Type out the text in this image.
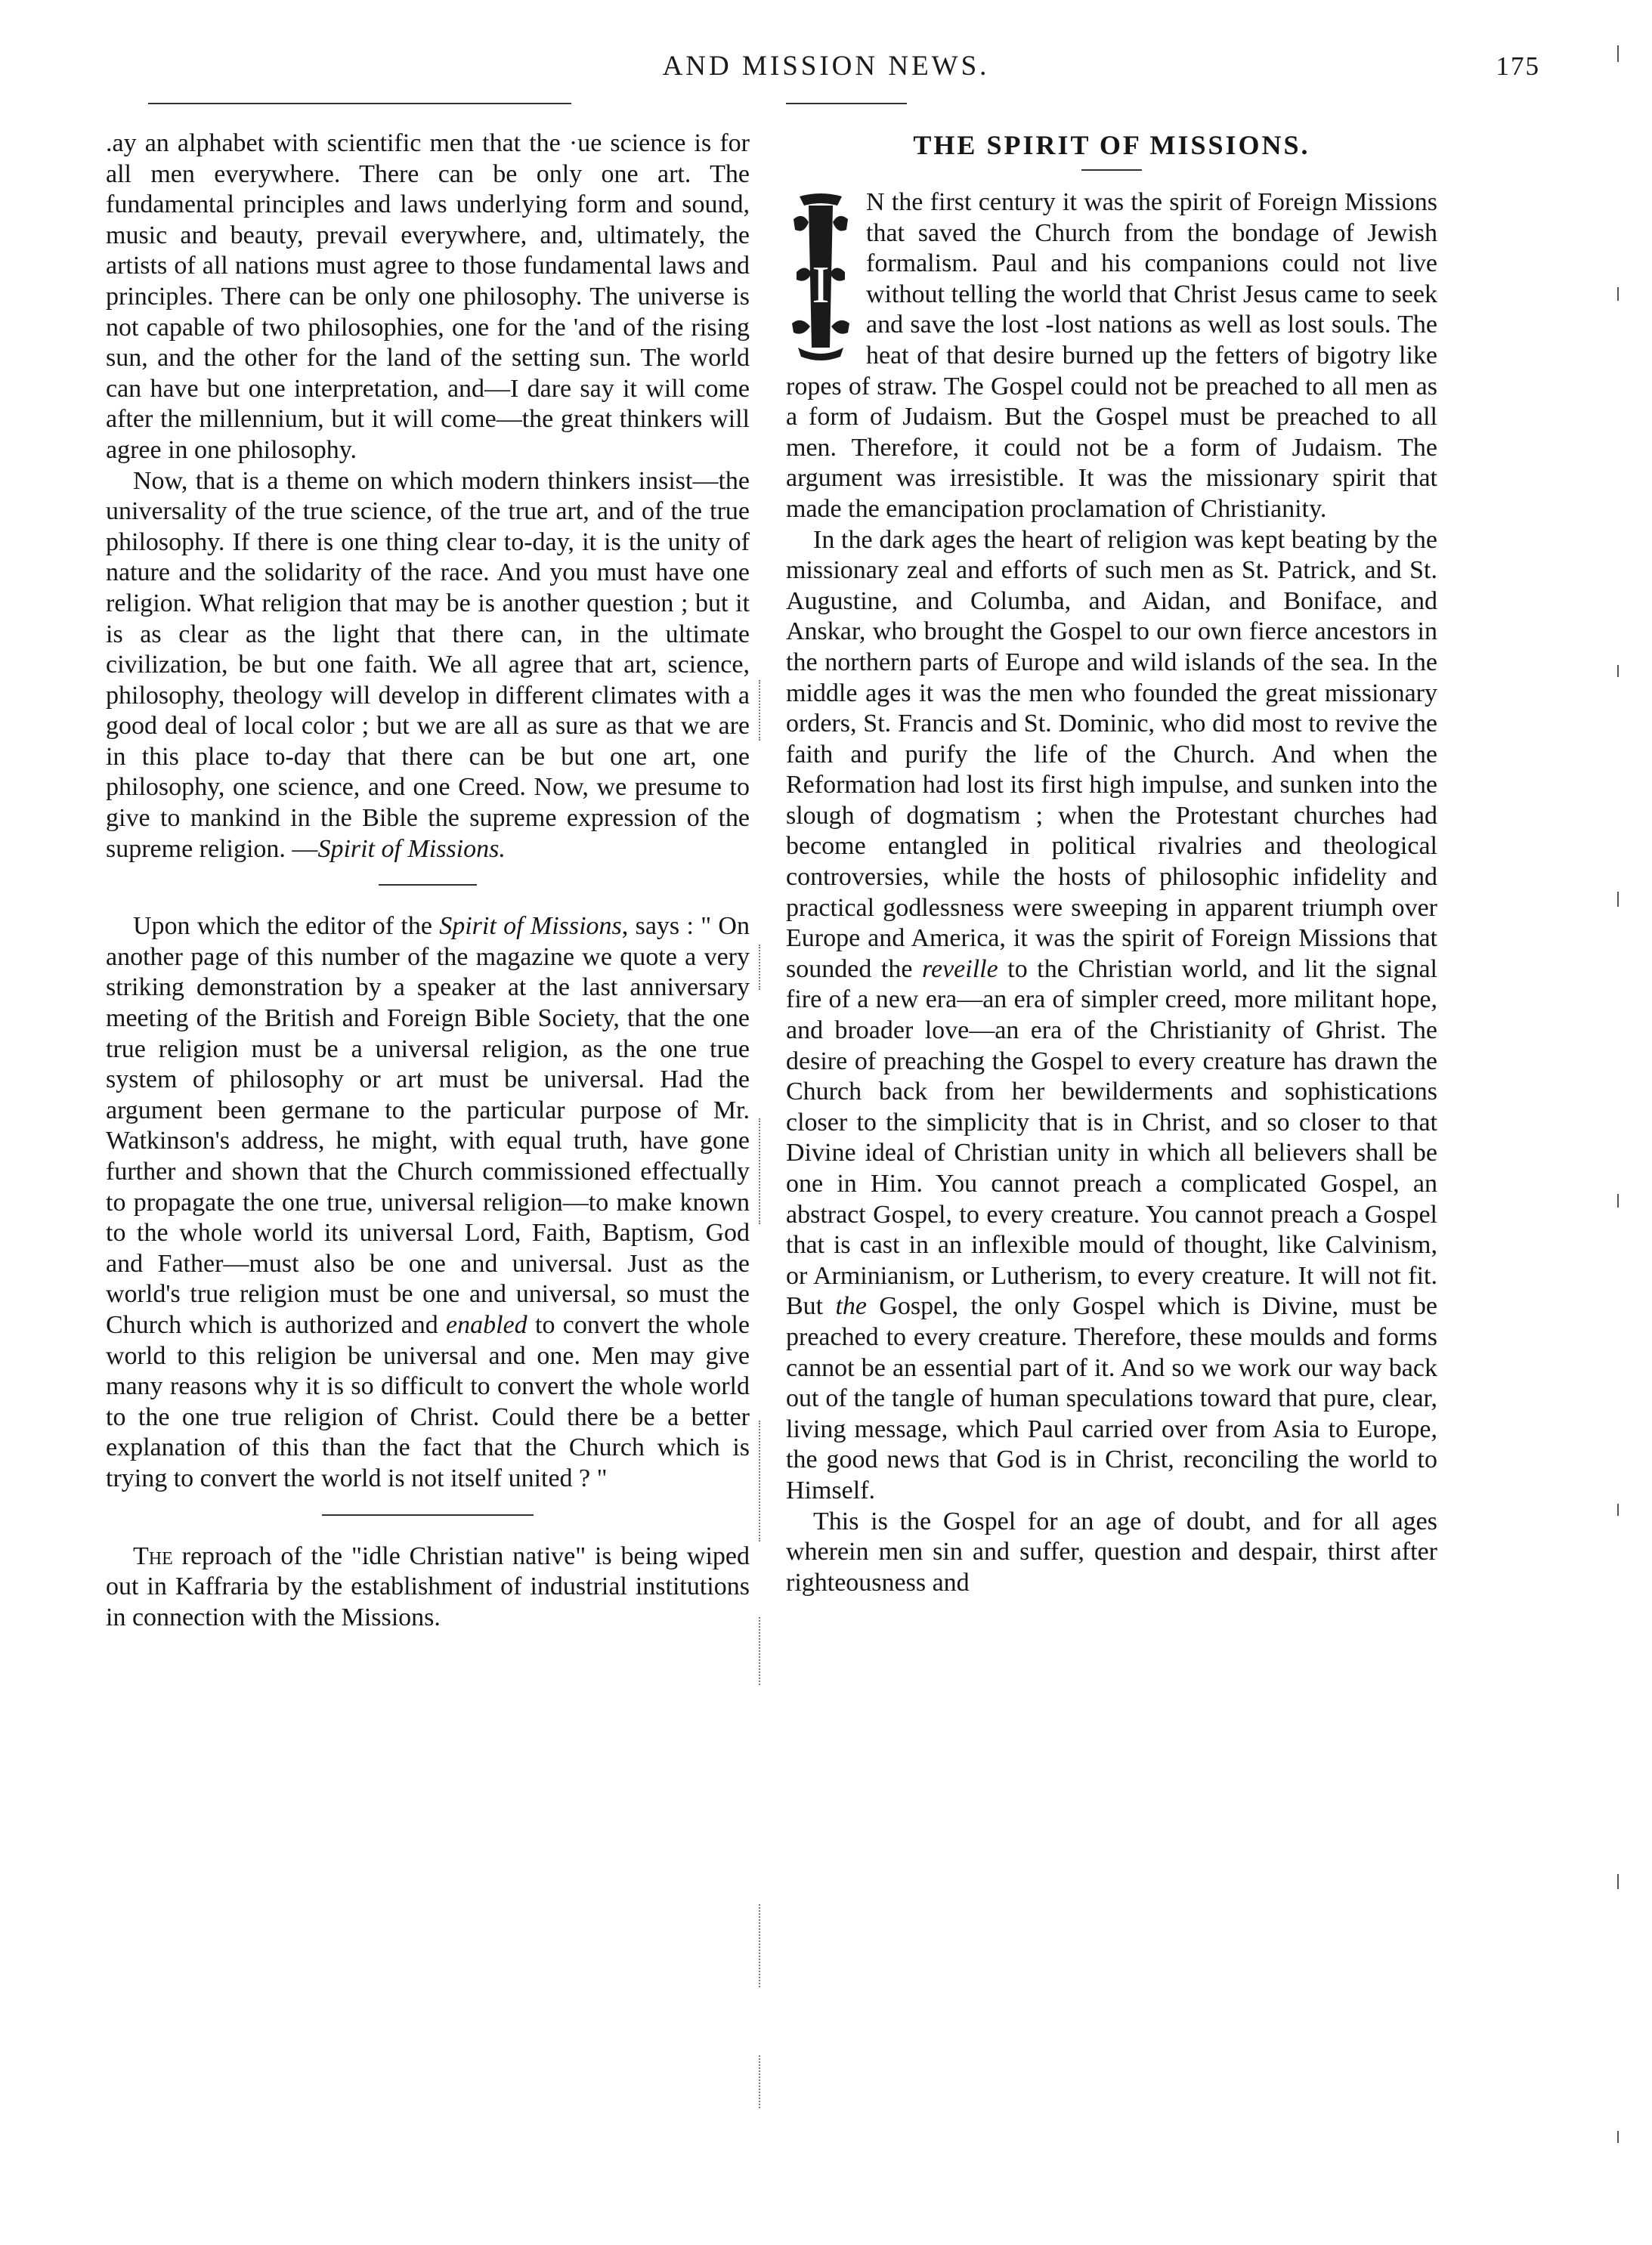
AND MISSION NEWS.	175

.ay an alphabet with scientific men that the ·ue science is for all men everywhere. There can be only one art. The fundamental principles and laws underlying form and sound, music and beauty, prevail everywhere, and, ultimately, the artists of all nations must agree to those fundamental laws and principles. There can be only one philosophy. The universe is not capable of two philosophies, one for the 'and of the rising sun, and the other for the land of the setting sun. The world can have but one interpretation, and—I dare say it will come after the millennium, but it will come—the great thinkers will agree in one philosophy.

Now, that is a theme on which modern thinkers insist—the universality of the true science, of the true art, and of the true philosophy. If there is one thing clear to-day, it is the unity of nature and the solidarity of the race. And you must have one religion. What religion that may be is another question ; but it is as clear as the light that there can, in the ultimate civilization, be but one faith. We all agree that art, science, philosophy, theology will develop in different climates with a good deal of local color ; but we are all as sure as that we are in this place to-day that there can be but one art, one philosophy, one science, and one Creed. Now, we presume to give to mankind in the Bible the supreme expression of the supreme religion. —Spirit of Missions.

Upon which the editor of the Spirit of Missions, says : " On another page of this number of the magazine we quote a very striking demonstration by a speaker at the last anniversary meeting of the British and Foreign Bible Society, that the one true religion must be a universal religion, as the one true system of philosophy or art must be universal. Had the argument been germane to the particular purpose of Mr. Watkinson's address, he might, with equal truth, have gone further and shown that the Church commissioned effectually to propagate the one true, universal religion—to make known to the whole world its universal Lord, Faith, Baptism, God and Father—must also be one and universal. Just as the world's true religion must be one and universal, so must the Church which is authorized and enabled to convert the whole world to this religion be universal and one. Men may give many reasons why it is so difficult to convert the whole world to the one true religion of Christ. Could there be a better explanation of this than the fact that the Church which is trying to convert the world is not itself united ? "

The reproach of the "idle Christian native" is being wiped out in Kaffraria by the establishment of industrial institutions in connection with the Missions.

THE SPIRIT OF MISSIONS.

I
N the first century it was the spirit of Foreign Missions that saved the Church from the bondage of Jewish formalism. Paul and his companions could not live without telling the world that Christ Jesus came to seek and save the lost -lost nations as well as lost souls. The heat of that desire burned up the fetters of bigotry like ropes of straw. The Gospel could not be preached to all men as a form of Judaism. But the Gospel must be preached to all men. Therefore, it could not be a form of Judaism. The argument was irresistible. It was the missionary spirit that made the emancipation proclamation of Christianity.

In the dark ages the heart of religion was kept beating by the missionary zeal and efforts of such men as St. Patrick, and St. Augustine, and Columba, and Aidan, and Boniface, and Anskar, who brought the Gospel to our own fierce ancestors in the northern parts of Europe and wild islands of the sea. In the middle ages it was the men who founded the great missionary orders, St. Francis and St. Dominic, who did most to revive the faith and purify the life of the Church. And when the Reformation had lost its first high impulse, and sunken into the slough of dogmatism ; when the Protestant churches had become entangled in political rivalries and theological controversies, while the hosts of philosophic infidelity and practical godlessness were sweeping in apparent triumph over Europe and America, it was the spirit of Foreign Missions that sounded the reveille to the Christian world, and lit the signal fire of a new era—an era of simpler creed, more militant hope, and broader love—an era of the Christianity of Ghrist. The desire of preaching the Gospel to every creature has drawn the Church back from her bewilderments and sophistications closer to the simplicity that is in Christ, and so closer to that Divine ideal of Christian unity in which all believers shall be one in Him. You cannot preach a complicated Gospel, an abstract Gospel, to every creature. You cannot preach a Gospel that is cast in an inflexible mould of thought, like Calvinism, or Arminianism, or Lutherism, to every creature. It will not fit. But the Gospel, the only Gospel which is Divine, must be preached to every creature. Therefore, these moulds and forms cannot be an essential part of it. And so we work our way back out of the tangle of human speculations toward that pure, clear, living message, which Paul carried over from Asia to Europe, the good news that God is in Christ, reconciling the world to Himself.

This is the Gospel for an age of doubt, and for all ages wherein men sin and suffer, question and despair, thirst after righteousness and
